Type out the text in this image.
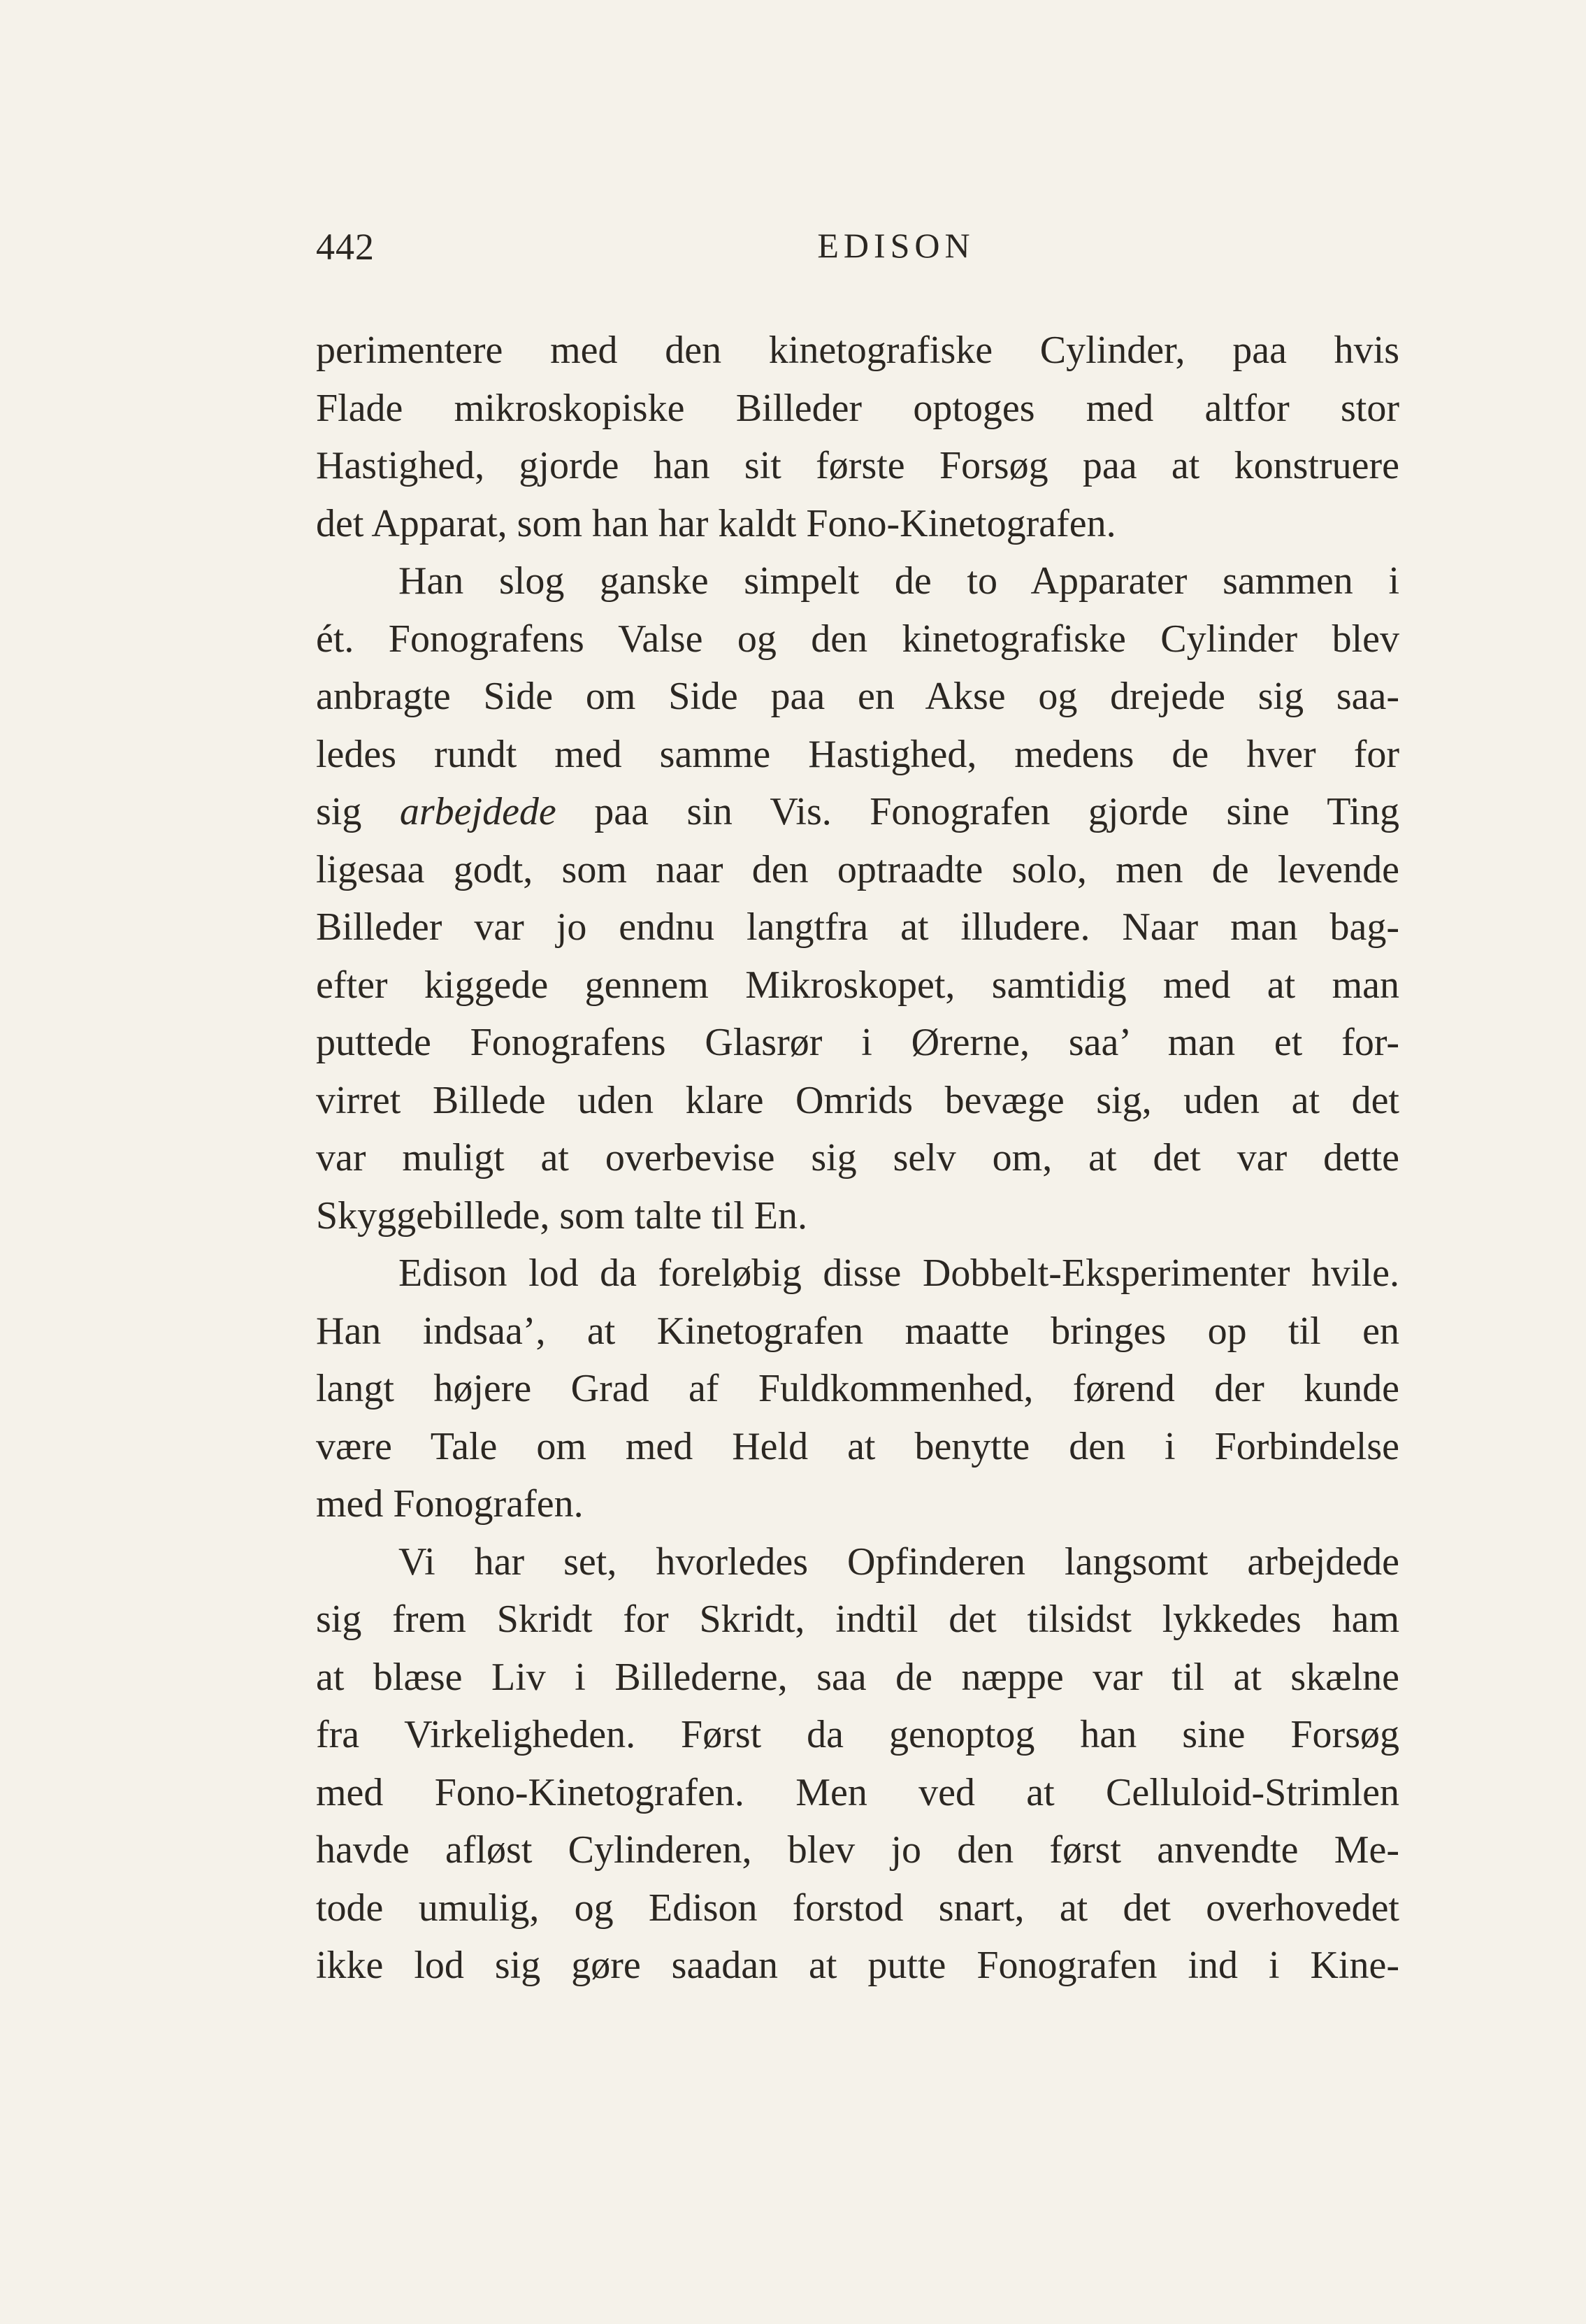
442	EDISON

perimentere med den kinetografiske Cylinder, paa hvis

Flade mikroskopiske Billeder optoges med altfor stor

Hastighed, gjorde han sit første Forsøg paa at konstruere

det Apparat, som han har kaldt Fono-Kinetografen.

Han slog ganske simpelt de to Apparater sammen i

ét. Fonografens Valse og den kinetografiske Cylinder blev

anbragte Side om Side paa en Akse og drejede sig saa-

ledes rundt med samme Hastighed, medens de hver for

sig arbejdede paa sin Vis. Fonografen gjorde sine Ting

ligesaa godt, som naar den optraadte solo, men de levende

Billeder var jo endnu langtfra at illudere. Naar man bag-

efter kiggede gennem Mikroskopet, samtidig med at man

puttede Fonografens Glasrør i Ørerne, saa’ man et for-

virret Billede uden klare Omrids bevæge sig, uden at det

var muligt at overbevise sig selv om, at det var dette

Skyggebillede, som talte til En.

Edison lod da foreløbig disse Dobbelt-Eksperimenter hvile.

Han indsaa’, at Kinetografen maatte bringes op til en

langt højere Grad af Fuldkommenhed, førend der kunde

være Tale om med Held at benytte den i Forbindelse

med Fonografen.

Vi har set, hvorledes Opfinderen langsomt arbejdede

sig frem Skridt for Skridt, indtil det tilsidst lykkedes ham

at blæse Liv i Billederne, saa de næppe var til at skælne

fra Virkeligheden. Først da genoptog han sine Forsøg

med Fono-Kinetografen. Men ved at Celluloid-Strimlen

havde afløst Cylinderen, blev jo den først anvendte Me-

tode umulig, og Edison forstod snart, at det overhovedet

ikke lod sig gøre saadan at putte Fonografen ind i Kine-
